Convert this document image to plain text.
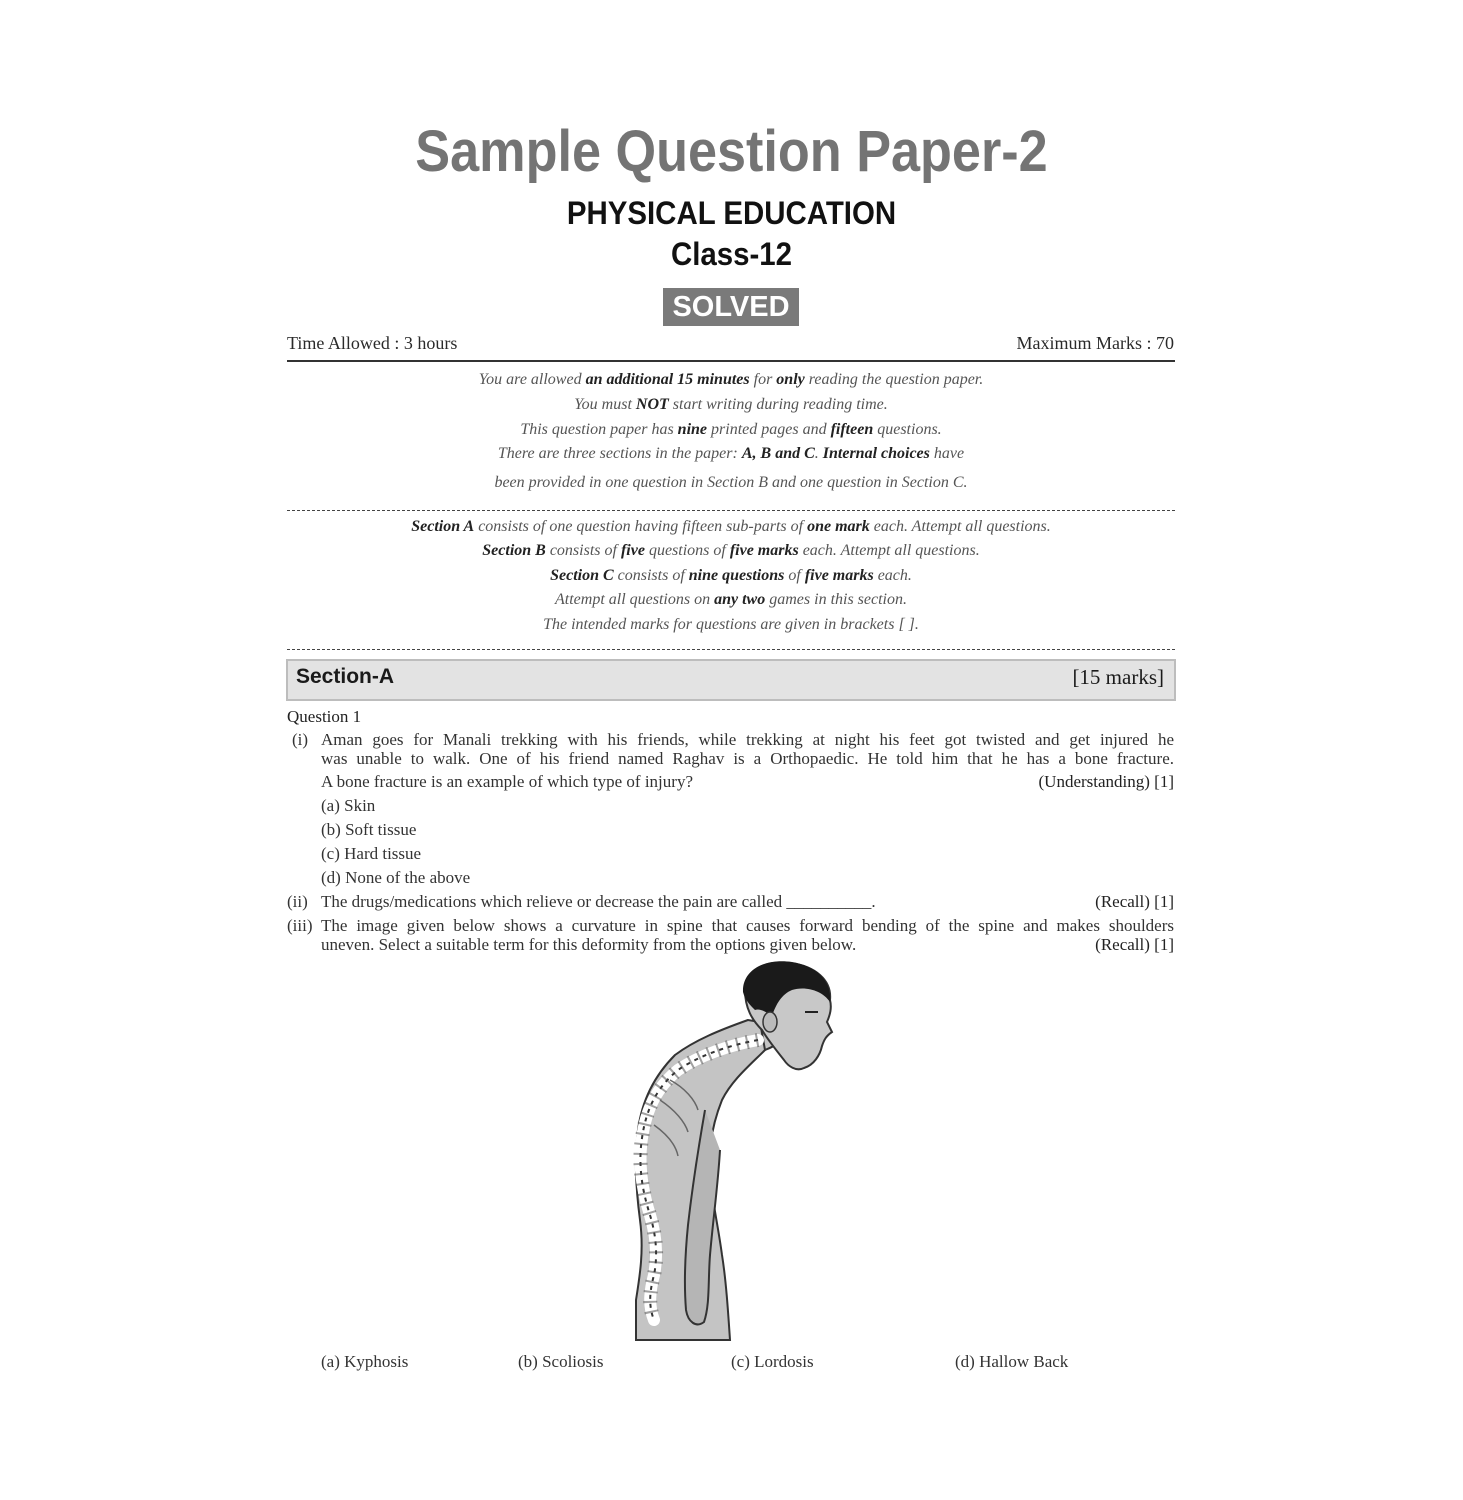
Sample Question Paper-2
PHYSICAL EDUCATION
Class-12
SOLVED
Time Allowed : 3 hours	Maximum Marks : 70
You are allowed an additional 15 minutes for only reading the question paper.
You must NOT start writing during reading time.
This question paper has nine printed pages and fifteen questions.
There are three sections in the paper: A, B and C. Internal choices have
been provided in one question in Section B and one question in Section C.
Section A consists of one question having fifteen sub-parts of one mark each. Attempt all questions.
Section B consists of five questions of five marks each. Attempt all questions.
Section C consists of nine questions of five marks each.
Attempt all questions on any two games in this section.
The intended marks for questions are given in brackets [ ].
Section-A	[15 marks]
Question 1
(i) Aman goes for Manali trekking with his friends, while trekking at night his feet got twisted and get injured he
was unable to walk. One of his friend named Raghav is a Orthopaedic. He told him that he has a bone fracture.
A bone fracture is an example of which type of injury?	(Understanding) [1]
(a) Skin
(b) Soft tissue
(c) Hard tissue
(d) None of the above
(ii) The drugs/medications which relieve or decrease the pain are called __________.	(Recall) [1]
(iii) The image given below shows a curvature in spine that causes forward bending of the spine and makes shoulders
uneven. Select a suitable term for this deformity from the options given below.	(Recall) [1]
(a) Kyphosis	(b) Scoliosis	(c) Lordosis	(d) Hallow Back
